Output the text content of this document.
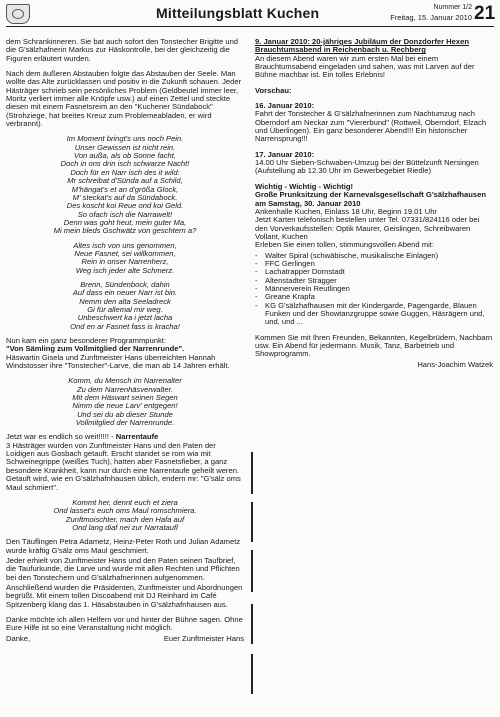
Mitteilungsblatt Kuchen	Nummer 1/2
Freitag, 15. Januar 2010 21

dem Schrankinneren. Sie bat auch sofort den Tonstecher Brigitte und die G'sälzhafnerin Markus zur Häskontrolle, bei der gleichzeitig die Figuren erläutert wurden.

Nach dem äußeren Abstauben folgte das Abstauben der Seele. Man wollte das Alte zurücklassen und positiv in die Zukunft schauen. Jeder Hästräger schrieb sein persönliches Problem (Geldbeutel immer leer, Moritz verliert immer alle Knöpfe usw.) auf einen Zettel und steckte diesen mit einem Fasnetsreim an den "Kuchener Sündabock" (Strohziege, hat breites Kreuz zum Problemeabladen, er wird verbrannt).

Im Moment bringt's uns noch Pein.
Unser Gewissen ist nicht rein.
Von außa, als ob Sonne facht,
Doch in ons drin isch schwarze Nacht!
Doch für en Narr isch des it wild:
Mr schreibat d'Sünda auf a Schild,
M'hängat's et an d'größa Glock,
M' steckat's auf da Sündabock.
Des koscht koi Reue ond koi Geld.
So ofach isch die Narrawelt!
Denn was goht heut, mein guter Ma,
Mi mein bleds Gschwätz von geschtern a?
Altes isch von uns genommen,
Neue Fasnet, sei willkommen,
Rein in onser Narrenherz,
Weg isch jeder alte Schmerz.
Brenn, Sündenbock, dahin
Auf dass ein neuer Narr ist bin.
Nemm den alta Seeladreck
Gi für allemal mir weg.
Unbeschwert ka i jetzt lacha
Ond en ar Fasnet fass is kracha!

Nun kam ein ganz besonderer Programmpunkt:
"Von Sämling zum Vollmitglied der Narrenrunde".
Häswartin Gisela und Zunftmeister Hans überreichten Hannah Windstosser ihre "Tonstecher"-Larve, die man ab 14 Jahren erhält.

Komm, du Mensch im Narrenalter
Zu dem Narrenhäsverwalter.
Mit dem Häswart seinen Segen
Nimm die neue Larv' entgegen!
Und sei du ab dieser Stunde
Vollmitglied der Narrenrunde.

Jetzt war es endlich so weit!!!!! - Narrentaufe
3 Hästräger wurden von Zunftmeister Hans und den Paten der Loidigen aus Gosbach getauft. Erscht standet se rom wia mit Schweinegrippe (weißes Tuch), hatten aber Fasnetsfieber, a ganz besondere Krankheit, kann nur durch eine Narrentaufe geheilt weren.
Getauft wird, wie en G'sälzhafnhausen üblich, endern mr: "G'sälz oms Maul schmiert".

Kommt her, dennt euch et ziera
Ond lasset's euch oms Maul romschmiera.
Zunftmoischter, mach den Hafa auf
Ond lang diaf nei zur Narrataufl

Den Täuflingen Petra Adametz, Heinz-Peter Roth und Julian Adametz wurde kräftig G'sälz oms Maul geschmiert.

Jeder erhielt von Zunftmeister Hans und den Paten seinen Taufbrief, die Taufurkunde, die Larve und wurde mit allen Rechten und Pflichten bei den Tonstechern und G'sälzhafnerinnen aufgenommen.

Anschließend wurden die Präsidenten, Zunftmeister und Abordnungen begrüßt. Mit einem tollen Discoabend mit DJ Reinhard im Café Spitzenberg klang das 1. Häsabstauben in G'sälzhafnhausen aus.

Danke möchte ich allen Helfern vor und hinter der Bühne sagen. Ohne Eure Hilfe ist so eine Veranstaltung nicht möglich.

Danke,	Euer Zunftmeister Hans

9. Januar 2010: 20-jähriges Jubiläum der Donzdorfer Hexen Brauchtumsabend in Reichenbach u. Rechberg
An diesem Abend waren wir zum ersten Mal bei einem Brauchtumsabend eingeladen und sahen, was mit Larven auf der Bühne machbar ist. Ein tolles Erlebnis!

Vorschau:

16. Januar 2010:
Fahrt der Tonstecher & G'sälzhafnerinnen zum Nachtumzug nach Oberndorf am Neckar zum "Viererbund" (Rottweil, Oberndorf, Elzach und Überlingen). Ein ganz besonderer Abend!!! Ein historischer Narrensprung!!!

17. Januar 2010:
14.00 Uhr Sieben-Schwaben-Umzug bei der Büttelzunft Nersingen (Aufstellung ab 12.30 Uhr im Gewerbegebiet Riedle)

Wichtig - Wichtig - Wichtig!
Große Prunksitzung der Karnevalsgesellschaft G'sälzhafhausen am Samstag, 30. Januar 2010
Ankenhalle Kuchen, Einlass 18 Uhr, Beginn 19.01 Uhr
Jetzt Karten telefonisch bestellen unter Tel. 07331/824116 oder bei den Vorverkaufsstellen: Optik Maurer, Geislingen, Schreibwaren Vollant, Kuchen
Erleben Sie einen tollen, stimmungsvollen Abend mit:

- Walter Spiral (schwäbische, musikalische Einlagen)
- FFC Gerlingen
- Lachatrapper Dornstadt
- Altenstadter Stragger
- Männerverein Reutlingen
- Greane Krapfa
- KG G'sälzhafhausen mit der Kindergarde, Pagengarde, Blauen Funken und der Showtanzgruppe sowie Guggen, Häsrägern und, und, und ...

Kommen Sie mit Ihren Freunden, Bekannten, Kegelbrüdern, Nachbarn usw. Ein Abend für jedermann. Musik, Tanz, Barbetrieb und Showprogramm.

Hans-Joachim Watzek
